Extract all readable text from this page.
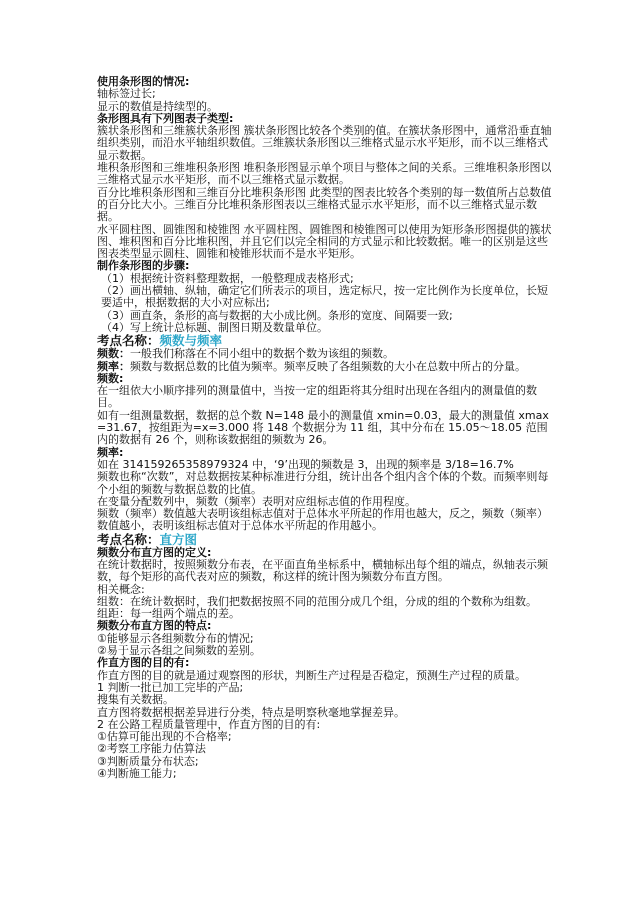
使用条形图的情况:

轴标签过长;

显示的数值是持续型的。

条形图具有下列图表子类型:

簇状条形图和三维簇状条形图 簇状条形图比较各个类别的值。在簇状条形图中，通常沿垂直轴组织类别，而沿水平轴组织数值。三维簇状条形图以三维格式显示水平矩形，而不以三维格式显示数据。

堆积条形图和三维堆积条形图 堆积条形图显示单个项目与整体之间的关系。三维堆积条形图以三维格式显示水平矩形，而不以三维格式显示数据。

百分比堆积条形图和三维百分比堆积条形图 此类型的图表比较各个类别的每一数值所占总数值的百分比大小。三维百分比堆积条形图表以三维格式显示水平矩形，而不以三维格式显示数据。

水平圆柱图、圆锥图和棱锥图 水平圆柱图、圆锥图和棱锥图可以使用为矩形条形图提供的簇状图、堆积图和百分比堆积图，并且它们以完全相同的方式显示和比较数据。唯一的区别是这些图表类型显示圆柱、圆锥和棱锥形状而不是水平矩形。

制作条形图的步骤:

（1）根据统计资料整理数据，一般整理成表格形式;

（2）画出横轴、纵轴，确定它们所表示的项目，选定标尺，按一定比例作为长度单位，长短要适中，根据数据的大小对应标出;

（3）画直条，条形的高与数据的大小成比例。条形的宽度、间隔要一致;

（4）写上统计总标题、制图日期及数量单位。

考点名称：频数与频率

频数：一般我们称落在不同小组中的数据个数为该组的频数。

频率：频数与数据总数的比值为频率。频率反映了各组频数的大小在总数中所占的分量。

频数:

在一组依大小顺序排列的测量值中，当按一定的组距将其分组时出现在各组内的测量值的数目。

如有一组测量数据，数据的总个数 N=148 最小的测量值 xmin=0.03，最大的测量值 xmax=31.67，按组距为=x=3.000 将 148 个数据分为 11 组，其中分布在 15.05～18.05 范围内的数据有 26 个，则称该数据组的频数为 26。

频率:

如在 314159265358979324 中，‘9’出现的频数是 3，出现的频率是 3/18=16.7%

频数也称“次数”，对总数据按某种标准进行分组，统计出各个组内含个体的个数。而频率则每个小组的频数与数据总数的比值。

在变量分配数列中，频数（频率）表明对应组标志值的作用程度。

频数（频率）数值越大表明该组标志值对于总体水平所起的作用也越大，反之，频数（频率）数值越小，表明该组标志值对于总体水平所起的作用越小。

考点名称：直方图

频数分布直方图的定义:

在统计数据时，按照频数分布表，在平面直角坐标系中，横轴标出每个组的端点，纵轴表示频数，每个矩形的高代表对应的频数，称这样的统计图为频数分布直方图。

相关概念:

组数：在统计数据时，我们把数据按照不同的范围分成几个组，分成的组的个数称为组数。

组距：每一组两个端点的差。

频数分布直方图的特点:

①能够显示各组频数分布的情况;

②易于显示各组之间频数的差别。

作直方图的目的有:

作直方图的目的就是通过观察图的形状，判断生产过程是否稳定，预测生产过程的质量。

1 判断一批已加工完毕的产品;

搜集有关数据。

直方图将数据根据差异进行分类，特点是明察秋毫地掌握差异。

2 在公路工程质量管理中，作直方图的目的有:

①估算可能出现的不合格率;

②考察工序能力估算法

③判断质量分布状态;

④判断施工能力;
